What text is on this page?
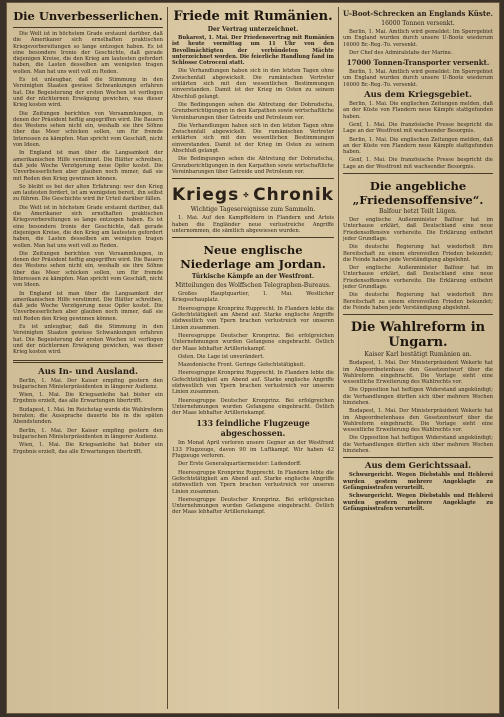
Die Unverbesserlichen.

Die Welt ist in höchstem Grade erstaunt darüber, daß die Amerikaner sich ernsthaften praktischen Kriegsvorbereitungen so lange entzogen haben. Es ist eine besondere Ironie der Geschichte, daß gerade diejenigen Kreise, die den Krieg am lautesten gefordert haben, die Lasten desselben am wenigsten tragen wollen. Man hat uns weit voll zu Reden.

Es ist unleugbar, daß die Stimmung in den Vereinigten Staaten gewisse Schwankungen erfahren hat. Die Begeisterung der ersten Wochen ist verflogen und der nüchternen Erwägung gewichen, was dieser Krieg kosten wird.

Die Zeitungen berichten von Versammlungen, in denen der Präsident heftig angegriffen wird. Die Bauern des Westens sehen nicht ein, weshalb sie ihre Söhne über das Meer schicken sollen, um für fremde Interessen zu kämpfen. Man spricht vom Geschäft, nicht von Ideen.

In England ist man über die Langsamkeit der amerikanischen Hilfe verstimmt. Die Blätter schreiben, daß jede Woche Verzögerung neue Opfer kostet. Die Unverbesserlichen aber glauben noch immer, daß sie mit Reden den Krieg gewinnen können.

So bleibt es bei der alten Erfahrung: wer den Krieg am lautesten fordert, ist am wenigsten bereit, ihn selbst zu führen. Die Geschichte wird ihr Urteil darüber fällen.

Die Welt ist in höchstem Grade erstaunt darüber, daß die Amerikaner sich ernsthaften praktischen Kriegsvorbereitungen so lange entzogen haben. Es ist eine besondere Ironie der Geschichte, daß gerade diejenigen Kreise, die den Krieg am lautesten gefordert haben, die Lasten desselben am wenigsten tragen wollen. Man hat uns weit voll zu Reden.

Die Zeitungen berichten von Versammlungen, in denen der Präsident heftig angegriffen wird. Die Bauern des Westens sehen nicht ein, weshalb sie ihre Söhne über das Meer schicken sollen, um für fremde Interessen zu kämpfen. Man spricht vom Geschäft, nicht von Ideen.

In England ist man über die Langsamkeit der amerikanischen Hilfe verstimmt. Die Blätter schreiben, daß jede Woche Verzögerung neue Opfer kostet. Die Unverbesserlichen aber glauben noch immer, daß sie mit Reden den Krieg gewinnen können.

Es ist unleugbar, daß die Stimmung in den Vereinigten Staaten gewisse Schwankungen erfahren hat. Die Begeisterung der ersten Wochen ist verflogen und der nüchternen Erwägung gewichen, was dieser Krieg kosten wird.

Aus In- und Ausland.

Berlin, 1. Mai. Der Kaiser empfing gestern den bulgarischen Ministerpräsidenten in längerer Audienz.

Wien, 1. Mai. Die Kriegsanleihe hat bisher ein Ergebnis erzielt, das alle Erwartungen übertrifft.

Budapest, 1. Mai. Im Reichstag wurde die Wahlreform beraten; die Aussprache dauerte bis in die späten Abendstunden.

Berlin, 1. Mai. Der Kaiser empfing gestern den bulgarischen Ministerpräsidenten in längerer Audienz.

Wien, 1. Mai. Die Kriegsanleihe hat bisher ein Ergebnis erzielt, das alle Erwartungen übertrifft.

Friede mit Rumänien.
Der Vertrag unterzeichnet.

Bukarest, 1. Mai. Der Friedensvertrag mit Rumänien ist heute vormittag um 11 Uhr von den Bevollmächtigten der verbündeten Mächte unterzeichnet worden. Die feierliche Handlung fand im Schlosse Cotroceni statt.

Die Verhandlungen haben sich in den letzten Tagen ohne Zwischenfall abgewickelt. Die rumänischen Vertreter erklärten sich mit den wesentlichen Bestimmungen einverstanden. Damit ist der Krieg im Osten zu seinem Abschluß gelangt.

Die Bedingungen sehen die Abtretung der Dobrudscha, Grenzberichtigungen in den Karpathen sowie wirtschaftliche Vereinbarungen über Getreide und Petroleum vor.

Die Verhandlungen haben sich in den letzten Tagen ohne Zwischenfall abgewickelt. Die rumänischen Vertreter erklärten sich mit den wesentlichen Bestimmungen einverstanden. Damit ist der Krieg im Osten zu seinem Abschluß gelangt.

Die Bedingungen sehen die Abtretung der Dobrudscha, Grenzberichtigungen in den Karpathen sowie wirtschaftliche Vereinbarungen über Getreide und Petroleum vor.

Kriegs Chronik
Wichtige Tagesereignisse zum Sammeln.

1. Mai. Auf den Kampffeldern in Flandern und Artois haben die Engländer neue verlustreiche Angriffe unternommen, die sämtlich abgewiesen wurden.

Neue englische Niederlage am Jordan.
Türkische Kämpfe an der Westfront.
Mitteilungen des Wolffschen Telegraphen-Bureaus.

Großes Hauptquartier, 1. Mai. Westlicher Kriegsschauplatz.

Heeresgruppe Kronprinz Rupprecht. In Flandern lebte die Gefechtstätigkeit am Abend auf. Starke englische Angriffe südwestlich von Ypern brachen verlustreich vor unseren Linien zusammen.

Heeresgruppe Deutscher Kronprinz. Bei erfolgreichen Unternehmungen wurden Gefangene eingebracht. Östlich der Maas lebhafter Artilleriekampf.

Osten. Die Lage ist unverändert.

Mazedonische Front. Geringe Gefechtstätigkeit.

Heeresgruppe Kronprinz Rupprecht. In Flandern lebte die Gefechtstätigkeit am Abend auf. Starke englische Angriffe südwestlich von Ypern brachen verlustreich vor unseren Linien zusammen.

Heeresgruppe Deutscher Kronprinz. Bei erfolgreichen Unternehmungen wurden Gefangene eingebracht. Östlich der Maas lebhafter Artilleriekampf.

133 feindliche Flugzeuge abgeschossen.

Im Monat April verloren unsere Gegner an der Westfront 133 Flugzeuge, davon 90 im Luftkampf. Wir haben 42 Flugzeuge verloren.

Der Erste Generalquartiermeister: Ludendorff.

Heeresgruppe Kronprinz Rupprecht. In Flandern lebte die Gefechtstätigkeit am Abend auf. Starke englische Angriffe südwestlich von Ypern brachen verlustreich vor unseren Linien zusammen.

Heeresgruppe Deutscher Kronprinz. Bei erfolgreichen Unternehmungen wurden Gefangene eingebracht. Östlich der Maas lebhafter Artilleriekampf.

U-Boot-Schrecken an Englands Küste.
16000 Tonnen versenkt.

Berlin, 1. Mai. Amtlich wird gemeldet: Im Sperrgebiet um England wurden durch unsere U-Boote wiederum 16000 Br.-Reg.-To. versenkt.

Der Chef des Admiralstabs der Marine.

17000 Tonnen-Transporter versenkt.

Berlin, 1. Mai. Amtlich wird gemeldet: Im Sperrgebiet um England wurden durch unsere U-Boote wiederum 16000 Br.-Reg.-To. versenkt.

Aus dem Kriegsgebiet.

Berlin, 1. Mai. Die englischen Zeitungen melden, daß an der Küste von Flandern neue Kämpfe stattgefunden haben.

Genf, 1. Mai. Die französische Presse bespricht die Lage an der Westfront mit wachsender Besorgnis.

Berlin, 1. Mai. Die englischen Zeitungen melden, daß an der Küste von Flandern neue Kämpfe stattgefunden haben.

Genf, 1. Mai. Die französische Presse bespricht die Lage an der Westfront mit wachsender Besorgnis.

Die angebliche „Friedensoffensive“.
Balfour hetzt Teilt Lügen.

Der englische Außenminister Balfour hat im Unterhause erklärt, daß Deutschland eine neue Friedensoffensive vorbereite. Die Erklärung entbehrt jeder Grundlage.

Die deutsche Regierung hat wiederholt ihre Bereitschaft zu einem ehrenvollen Frieden bekundet; die Feinde haben jede Verständigung abgelehnt.

Der englische Außenminister Balfour hat im Unterhause erklärt, daß Deutschland eine neue Friedensoffensive vorbereite. Die Erklärung entbehrt jeder Grundlage.

Die deutsche Regierung hat wiederholt ihre Bereitschaft zu einem ehrenvollen Frieden bekundet; die Feinde haben jede Verständigung abgelehnt.

Die Wahlreform in Ungarn.
Kaiser Karl bestätigt Rumänien an.

Budapest, 1. Mai. Der Ministerpräsident Wekerle hat im Abgeordnetenhaus den Gesetzentwurf über die Wahlreform eingebracht. Die Vorlage sieht eine wesentliche Erweiterung des Wahlrechts vor.

Die Opposition hat heftigen Widerstand angekündigt; die Verhandlungen dürften sich über mehrere Wochen hinziehen.

Budapest, 1. Mai. Der Ministerpräsident Wekerle hat im Abgeordnetenhaus den Gesetzentwurf über die Wahlreform eingebracht. Die Vorlage sieht eine wesentliche Erweiterung des Wahlrechts vor.

Die Opposition hat heftigen Widerstand angekündigt; die Verhandlungen dürften sich über mehrere Wochen hinziehen.

Aus dem Gerichtssaal.

Schwurgericht. Wegen Diebstahls und Hehlerei wurden gestern mehrere Angeklagte zu Gefängnisstrafen verurteilt.

Schwurgericht. Wegen Diebstahls und Hehlerei wurden gestern mehrere Angeklagte zu Gefängnisstrafen verurteilt.
